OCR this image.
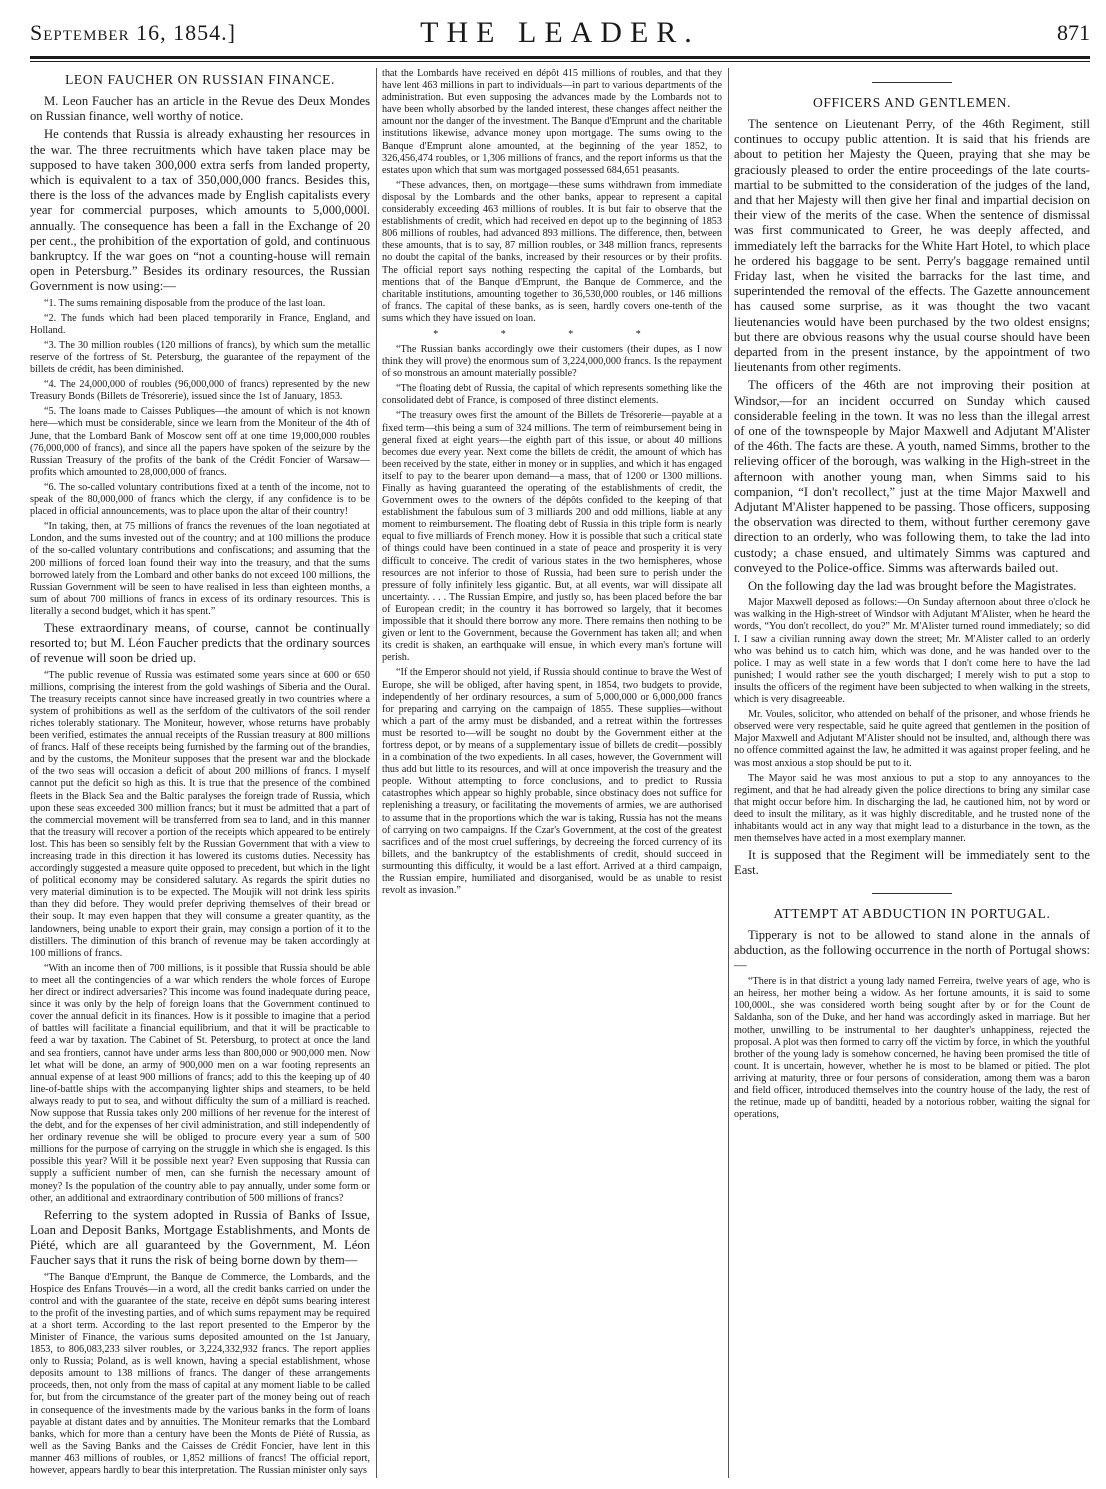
September 16, 1854.]	THE LEADER.	871
LEON FAUCHER ON RUSSIAN FINANCE.

M. Leon Faucher has an article in the Revue des Deux Mondes on Russian finance, well worthy of notice.

He contends that Russia is already exhausting her resources in the war. The three recruitments which have taken place may be supposed to have taken 300,000 extra serfs from landed property, which is equivalent to a tax of 350,000,000 francs. Besides this, there is the loss of the advances made by English capitalists every year for commercial purposes, which amounts to 5,000,000l. annually. The consequence has been a fall in the Exchange of 20 per cent., the prohibition of the exportation of gold, and continuous bankruptcy. If the war goes on “not a counting-house will remain open in Petersburg.” Besides its ordinary resources, the Russian Government is now using:—

“1. The sums remaining disposable from the produce of the last loan.

“2. The funds which had been placed temporarily in France, England, and Holland.

“3. The 30 million roubles (120 millions of francs), by which sum the metallic reserve of the fortress of St. Petersburg, the guarantee of the repayment of the billets de crédit, has been diminished.

“4. The 24,000,000 of roubles (96,000,000 of francs) represented by the new Treasury Bonds (Billets de Trésorerie), issued since the 1st of January, 1853.

“5. The loans made to Caisses Publiques—the amount of which is not known here—which must be considerable, since we learn from the Moniteur of the 4th of June, that the Lombard Bank of Moscow sent off at one time 19,000,000 roubles (76,000,000 of francs), and since all the papers have spoken of the seizure by the Russian Treasury of the profits of the bank of the Crédit Foncier of Warsaw—profits which amounted to 28,000,000 of francs.

“6. The so-called voluntary contributions fixed at a tenth of the income, not to speak of the 80,000,000 of francs which the clergy, if any confidence is to be placed in official announcements, was to place upon the altar of their country!

“In taking, then, at 75 millions of francs the revenues of the loan negotiated at London, and the sums invested out of the country; and at 100 millions the produce of the so-called voluntary contributions and confiscations; and assuming that the 200 millions of forced loan found their way into the treasury, and that the sums borrowed lately from the Lombard and other banks do not exceed 100 millions, the Russian Government will be seen to have realised in less than eighteen months, a sum of about 700 millions of francs in excess of its ordinary resources. This is literally a second budget, which it has spent.”

These extraordinary means, of course, cannot be continually resorted to; but M. Léon Faucher predicts that the ordinary sources of revenue will soon be dried up.

“The public revenue of Russia was estimated some years since at 600 or 650 millions, comprising the interest from the gold washings of Siberia and the Oural. The treasury receipts cannot since have increased greatly in two countries where a system of prohibitions as well as the serfdom of the cultivators of the soil render riches tolerably stationary. The Moniteur, however, whose returns have probably been verified, estimates the annual receipts of the Russian treasury at 800 millions of francs. Half of these receipts being furnished by the farming out of the brandies, and by the customs, the Moniteur supposes that the present war and the blockade of the two seas will occasion a deficit of about 200 millions of francs. I myself cannot put the deficit so high as this. It is true that the presence of the combined fleets in the Black Sea and the Baltic paralyses the foreign trade of Russia, which upon these seas exceeded 300 million francs; but it must be admitted that a part of the commercial movement will be transferred from sea to land, and in this manner that the treasury will recover a portion of the receipts which appeared to be entirely lost. This has been so sensibly felt by the Russian Government that with a view to increasing trade in this direction it has lowered its customs duties. Necessity has accordingly suggested a measure quite opposed to precedent, but which in the light of political economy may be considered salutary. As regards the spirit duties no very material diminution is to be expected. The Moujik will not drink less spirits than they did before. They would prefer depriving themselves of their bread or their soup. It may even happen that they will consume a greater quantity, as the landowners, being unable to export their grain, may consign a portion of it to the distillers. The diminution of this branch of revenue may be taken accordingly at 100 millions of francs.

“With an income then of 700 millions, is it possible that Russia should be able to meet all the contingencies of a war which renders the whole forces of Europe her direct or indirect adversaries? This income was found inadequate during peace, since it was only by the help of foreign loans that the Government continued to cover the annual deficit in its finances. How is it possible to imagine that a period of battles will facilitate a financial equilibrium, and that it will be practicable to feed a war by taxation. The Cabinet of St. Petersburg, to protect at once the land and sea frontiers, cannot have under arms less than 800,000 or 900,000 men. Now let what will be done, an army of 900,000 men on a war footing represents an annual expense of at least 900 millions of francs; add to this the keeping up of 40 line-of-battle ships with the accompanying lighter ships and steamers, to be held always ready to put to sea, and without difficulty the sum of a milliard is reached. Now suppose that Russia takes only 200 millions of her revenue for the interest of the debt, and for the expenses of her civil administration, and still independently of her ordinary revenue she will be obliged to procure every year a sum of 500 millions for the purpose of carrying on the struggle in which she is engaged. Is this possible this year? Will it be possible next year? Even supposing that Russia can supply a sufficient number of men, can she furnish the necessary amount of money? Is the population of the country able to pay annually, under some form or other, an additional and extraordinary contribution of 500 millions of francs?

Referring to the system adopted in Russia of Banks of Issue, Loan and Deposit Banks, Mortgage Establishments, and Monts de Piété, which are all guaranteed by the Government, M. Léon Faucher says that it runs the risk of being borne down by them—

“The Banque d'Emprunt, the Banque de Commerce, the Lombards, and the Hospice des Enfans Trouvés—in a word, all the credit banks carried on under the control and with the guarantee of the state, receive en dépôt sums bearing interest to the profit of the investing parties, and of which sums repayment may be required at a short term. According to the last report presented to the Emperor by the Minister of Finance, the various sums deposited amounted on the 1st January, 1853, to 806,083,233 silver roubles, or 3,224,332,932 francs. The report applies only to Russia; Poland, as is well known, having a special establishment, whose deposits amount to 138 millions of francs. The danger of these arrangements proceeds, then, not only from the mass of capital at any moment liable to be called for, but from the circumstance of the greater part of the money being out of reach in consequence of the investments made by the various banks in the form of loans payable at distant dates and by annuities. The Moniteur remarks that the Lombard banks, which for more than a century have been the Monts de Piété of Russia, as well as the Saving Banks and the Caisses de Crédit Foncier, have lent in this manner 463 millions of roubles, or 1,852 millions of francs! The official report, however, appears hardly to bear this interpretation. The Russian minister only says

that the Lombards have received en dépôt 415 millions of roubles, and that they have lent 463 millions in part to individuals—in part to various departments of the administration. But even supposing the advances made by the Lombards not to have been wholly absorbed by the landed interest, these changes affect neither the amount nor the danger of the investment. The Banque d'Emprunt and the charitable institutions likewise, advance money upon mortgage. The sums owing to the Banque d'Emprunt alone amounted, at the beginning of the year 1852, to 326,456,474 roubles, or 1,306 millions of francs, and the report informs us that the estates upon which that sum was mortgaged possessed 684,651 peasants.

“These advances, then, on mortgage—these sums withdrawn from immediate disposal by the Lombards and the other banks, appear to represent a capital considerably exceeding 463 millions of roubles. It is but fair to observe that the establishments of credit, which had received en depot up to the beginning of 1853 806 millions of roubles, had advanced 893 millions. The difference, then, between these amounts, that is to say, 87 million roubles, or 348 million francs, represents no doubt the capital of the banks, increased by their resources or by their profits. The official report says nothing respecting the capital of the Lombards, but mentions that of the Banque d'Emprunt, the Banque de Commerce, and the charitable institutions, amounting together to 36,530,000 roubles, or 146 millions of francs. The capital of these banks, as is seen, hardly covers one-tenth of the sums which they have issued on loan.

* * * *

“The Russian banks accordingly owe their customers (their dupes, as I now think they will prove) the enormous sum of 3,224,000,000 francs. Is the repayment of so monstrous an amount materially possible?

“The floating debt of Russia, the capital of which represents something like the consolidated debt of France, is composed of three distinct elements.

“The treasury owes first the amount of the Billets de Trésorerie—payable at a fixed term—this being a sum of 324 millions. The term of reimbursement being in general fixed at eight years—the eighth part of this issue, or about 40 millions becomes due every year. Next come the billets de crédit, the amount of which has been received by the state, either in money or in supplies, and which it has engaged itself to pay to the bearer upon demand—a mass, that of 1200 or 1300 millions. Finally as having guaranteed the operating of the establishments of credit, the Government owes to the owners of the dépôts confided to the keeping of that establishment the fabulous sum of 3 milliards 200 and odd millions, liable at any moment to reimbursement. The floating debt of Russia in this triple form is nearly equal to five milliards of French money. How it is possible that such a critical state of things could have been continued in a state of peace and prosperity it is very difficult to conceive. The credit of various states in the two hemispheres, whose resources are not inferior to those of Russia, had been sure to perish under the pressure of folly infinitely less gigantic. But, at all events, war will dissipate all uncertainty. . . . The Russian Empire, and justly so, has been placed before the bar of European credit; in the country it has borrowed so largely, that it becomes impossible that it should there borrow any more. There remains then nothing to be given or lent to the Government, because the Government has taken all; and when its credit is shaken, an earthquake will ensue, in which every man's fortune will perish.

“If the Emperor should not yield, if Russia should continue to brave the West of Europe, she will be obliged, after having spent, in 1854, two budgets to provide, independently of her ordinary resources, a sum of 5,000,000 or 6,000,000 francs for preparing and carrying on the campaign of 1855. These supplies—without which a part of the army must be disbanded, and a retreat within the fortresses must be resorted to—will be sought no doubt by the Government either at the fortress depot, or by means of a supplementary issue of billets de credit—possibly in a combination of the two expedients. In all cases, however, the Government will thus add but little to its resources, and will at once impoverish the treasury and the people. Without attempting to force conclusions, and to predict to Russia catastrophes which appear so highly probable, since obstinacy does not suffice for replenishing a treasury, or facilitating the movements of armies, we are authorised to assume that in the proportions which the war is taking, Russia has not the means of carrying on two campaigns. If the Czar's Government, at the cost of the greatest sacrifices and of the most cruel sufferings, by decreeing the forced currency of its billets, and the bankruptcy of the establishments of credit, should succeed in surmounting this difficulty, it would be a last effort. Arrived at a third campaign, the Russian empire, humiliated and disorganised, would be as unable to resist revolt as invasion.”

OFFICERS AND GENTLEMEN.

The sentence on Lieutenant Perry, of the 46th Regiment, still continues to occupy public attention. It is said that his friends are about to petition her Majesty the Queen, praying that she may be graciously pleased to order the entire proceedings of the late courts-martial to be submitted to the consideration of the judges of the land, and that her Majesty will then give her final and impartial decision on their view of the merits of the case. When the sentence of dismissal was first communicated to Greer, he was deeply affected, and immediately left the barracks for the White Hart Hotel, to which place he ordered his baggage to be sent. Perry's baggage remained until Friday last, when he visited the barracks for the last time, and superintended the removal of the effects. The Gazette announcement has caused some surprise, as it was thought the two vacant lieutenancies would have been purchased by the two oldest ensigns; but there are obvious reasons why the usual course should have been departed from in the present instance, by the appointment of two lieutenants from other regiments.

The officers of the 46th are not improving their position at Windsor,—for an incident occurred on Sunday which caused considerable feeling in the town. It was no less than the illegal arrest of one of the townspeople by Major Maxwell and Adjutant M'Alister of the 46th. The facts are these. A youth, named Simms, brother to the relieving officer of the borough, was walking in the High-street in the afternoon with another young man, when Simms said to his companion, “I don't recollect,” just at the time Major Maxwell and Adjutant M'Alister happened to be passing. Those officers, supposing the observation was directed to them, without further ceremony gave direction to an orderly, who was following them, to take the lad into custody; a chase ensued, and ultimately Simms was captured and conveyed to the Police-office. Simms was afterwards bailed out.

On the following day the lad was brought before the Magistrates.

Major Maxwell deposed as follows:—On Sunday afternoon about three o'clock he was walking in the High-street of Windsor with Adjutant M'Alister, when he heard the words, “You don't recollect, do you?” Mr. M'Alister turned round immediately; so did I. I saw a civilian running away down the street; Mr. M'Alister called to an orderly who was behind us to catch him, which was done, and he was handed over to the police. I may as well state in a few words that I don't come here to have the lad punished; I would rather see the youth discharged; I merely wish to put a stop to insults the officers of the regiment have been subjected to when walking in the streets, which is very disagreeable.

Mr. Voules, solicitor, who attended on behalf of the prisoner, and whose friends he observed were very respectable, said he quite agreed that gentlemen in the position of Major Maxwell and Adjutant M'Alister should not be insulted, and, although there was no offence committed against the law, he admitted it was against proper feeling, and he was most anxious a stop should be put to it.

The Mayor said he was most anxious to put a stop to any annoyances to the regiment, and that he had already given the police directions to bring any similar case that might occur before him. In discharging the lad, he cautioned him, not by word or deed to insult the military, as it was highly discreditable, and he trusted none of the inhabitants would act in any way that might lead to a disturbance in the town, as the men themselves have acted in a most exemplary manner.

It is supposed that the Regiment will be immediately sent to the East.

ATTEMPT AT ABDUCTION IN PORTUGAL.

Tipperary is not to be allowed to stand alone in the annals of abduction, as the following occurrence in the north of Portugal shows:—

“There is in that district a young lady named Ferreira, twelve years of age, who is an heiress, her mother being a widow. As her fortune amounts, it is said to some 100,000l., she was considered worth being sought after by or for the Count de Saldanha, son of the Duke, and her hand was accordingly asked in marriage. But her mother, unwilling to be instrumental to her daughter's unhappiness, rejected the proposal. A plot was then formed to carry off the victim by force, in which the youthful brother of the young lady is somehow concerned, he having been promised the title of count. It is uncertain, however, whether he is most to be blamed or pitied. The plot arriving at maturity, three or four persons of consideration, among them was a baron and field officer, introduced themselves into the country house of the lady, the rest of the retinue, made up of banditti, headed by a notorious robber, waiting the signal for operations,
